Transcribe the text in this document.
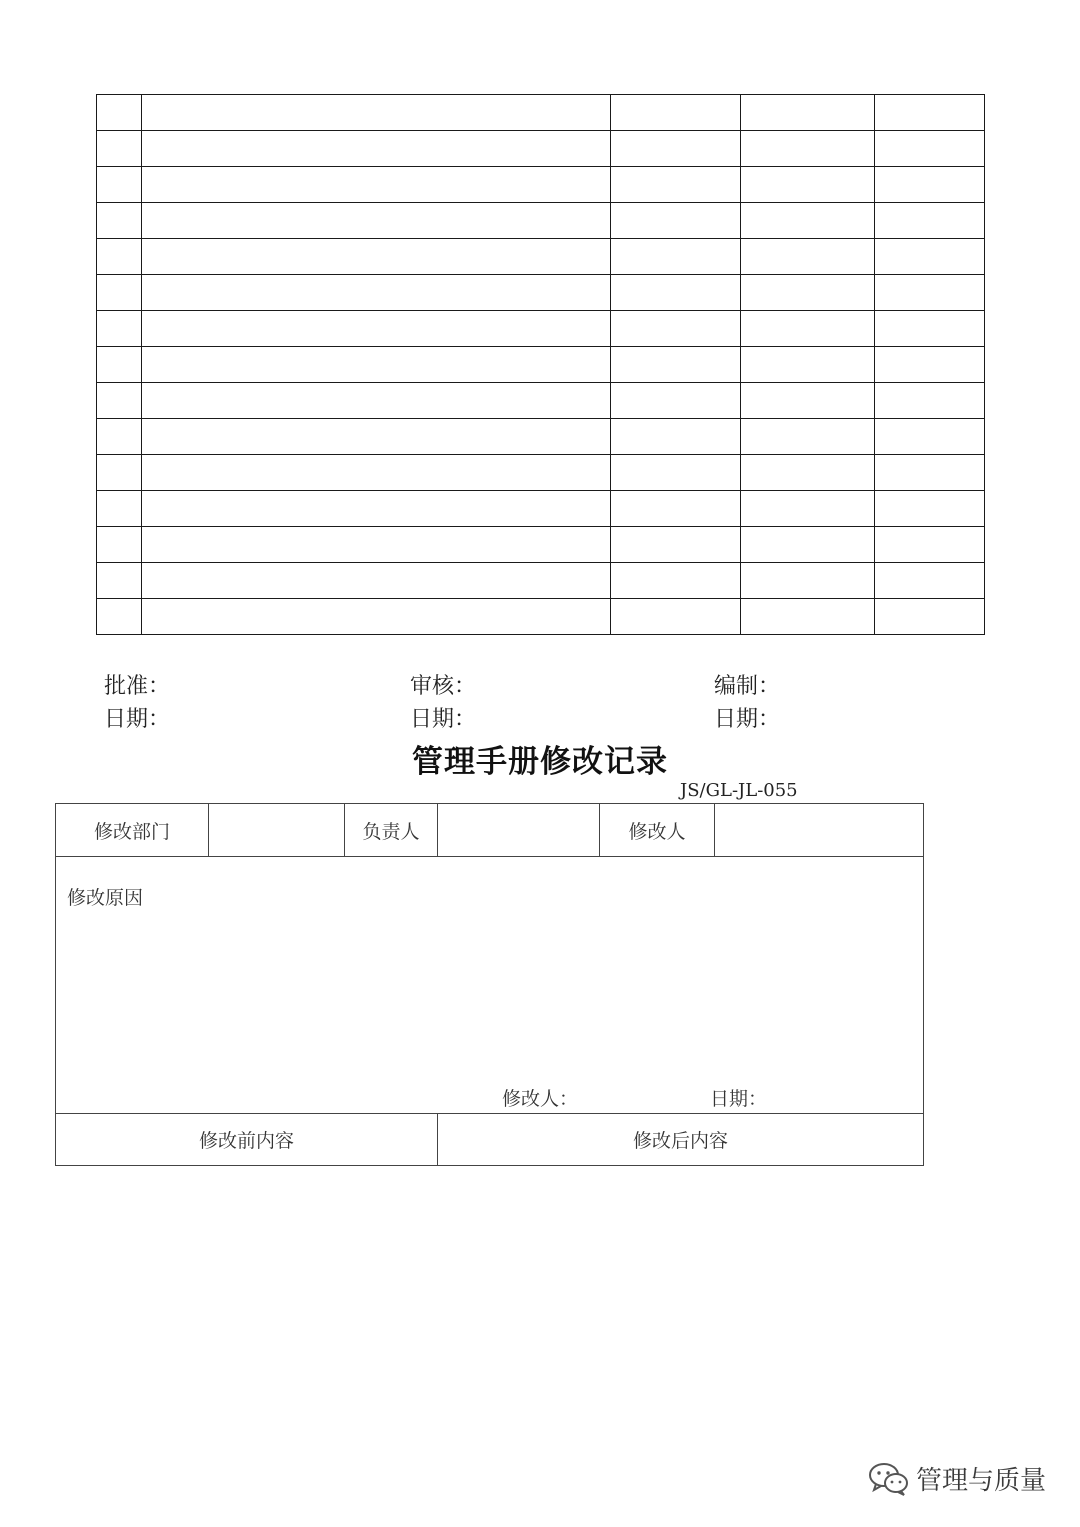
批准：	审核：	编制：
日期：	日期：	日期：
管理手册修改记录
JS/GL-JL-055
修改部门		负责人		修改人	

修改原因
修改人： 日期：					

修改前内容			修改后内容		
管理与质量
